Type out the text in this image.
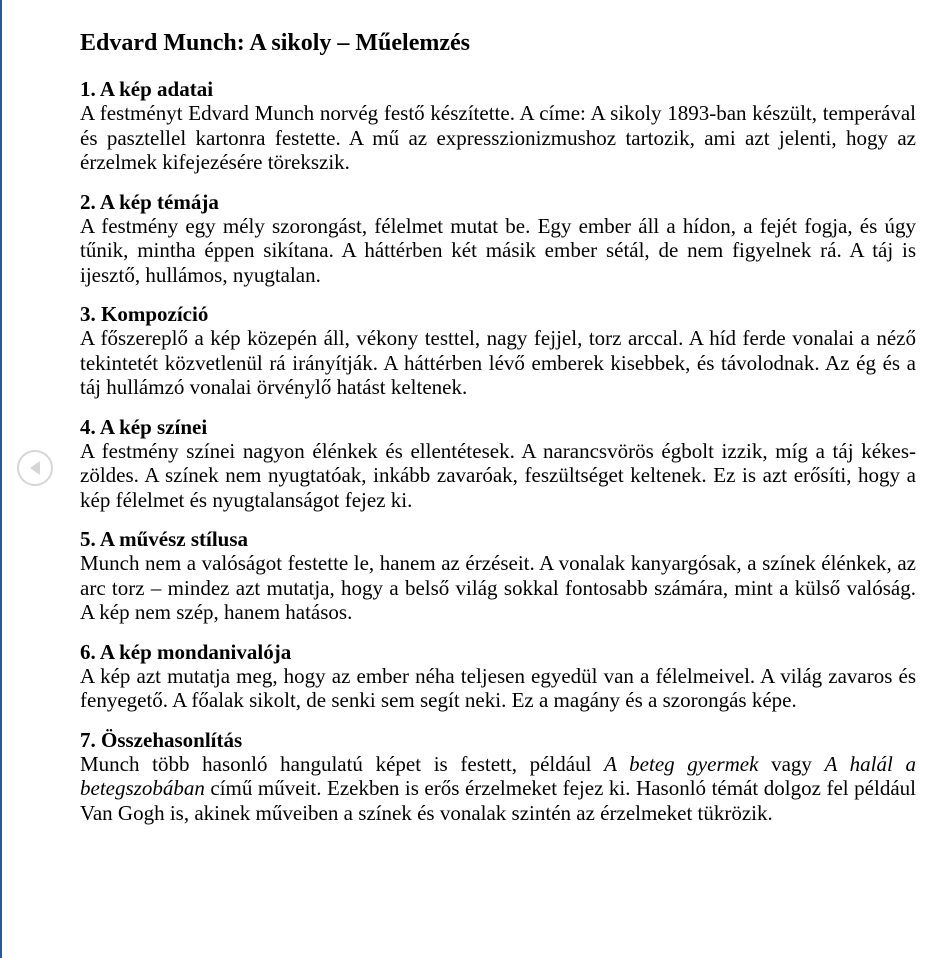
Edvard Munch: A sikoly – Műelemzés

1. A kép adatai

A festményt Edvard Munch norvég festő készítette. A címe: A sikoly 1893-ban készült, temperával és pasztellel kartonra festette. A mű az expresszionizmushoz tartozik, ami azt jelenti, hogy az érzelmek kifejezésére törekszik.

2. A kép témája

A festmény egy mély szorongást, félelmet mutat be. Egy ember áll a hídon, a fejét fogja, és úgy tűnik, mintha éppen sikítana. A háttérben két másik ember sétál, de nem figyelnek rá. A táj is ijesztő, hullámos, nyugtalan.

3. Kompozíció

A főszereplő a kép közepén áll, vékony testtel, nagy fejjel, torz arccal. A híd ferde vonalai a néző tekintetét közvetlenül rá irányítják. A háttérben lévő emberek kisebbek, és távolodnak. Az ég és a táj hullámzó vonalai örvénylő hatást keltenek.

4. A kép színei

A festmény színei nagyon élénkek és ellentétesek. A narancsvörös égbolt izzik, míg a táj kékes-zöldes. A színek nem nyugtatóak, inkább zavaróak, feszültséget keltenek. Ez is azt erősíti, hogy a kép félelmet és nyugtalanságot fejez ki.

5. A művész stílusa

Munch nem a valóságot festette le, hanem az érzéseit. A vonalak kanyargósak, a színek élénkek, az arc torz – mindez azt mutatja, hogy a belső világ sokkal fontosabb számára, mint a külső valóság. A kép nem szép, hanem hatásos.

6. A kép mondanivalója

A kép azt mutatja meg, hogy az ember néha teljesen egyedül van a félelmeivel. A világ zavaros és fenyegető. A főalak sikolt, de senki sem segít neki. Ez a magány és a szorongás képe.

7. Összehasonlítás

Munch több hasonló hangulatú képet is festett, például A beteg gyermek vagy A halál a betegszobában című műveit. Ezekben is erős érzelmeket fejez ki. Hasonló témát dolgoz fel például Van Gogh is, akinek műveiben a színek és vonalak szintén az érzelmeket tükrözik.
